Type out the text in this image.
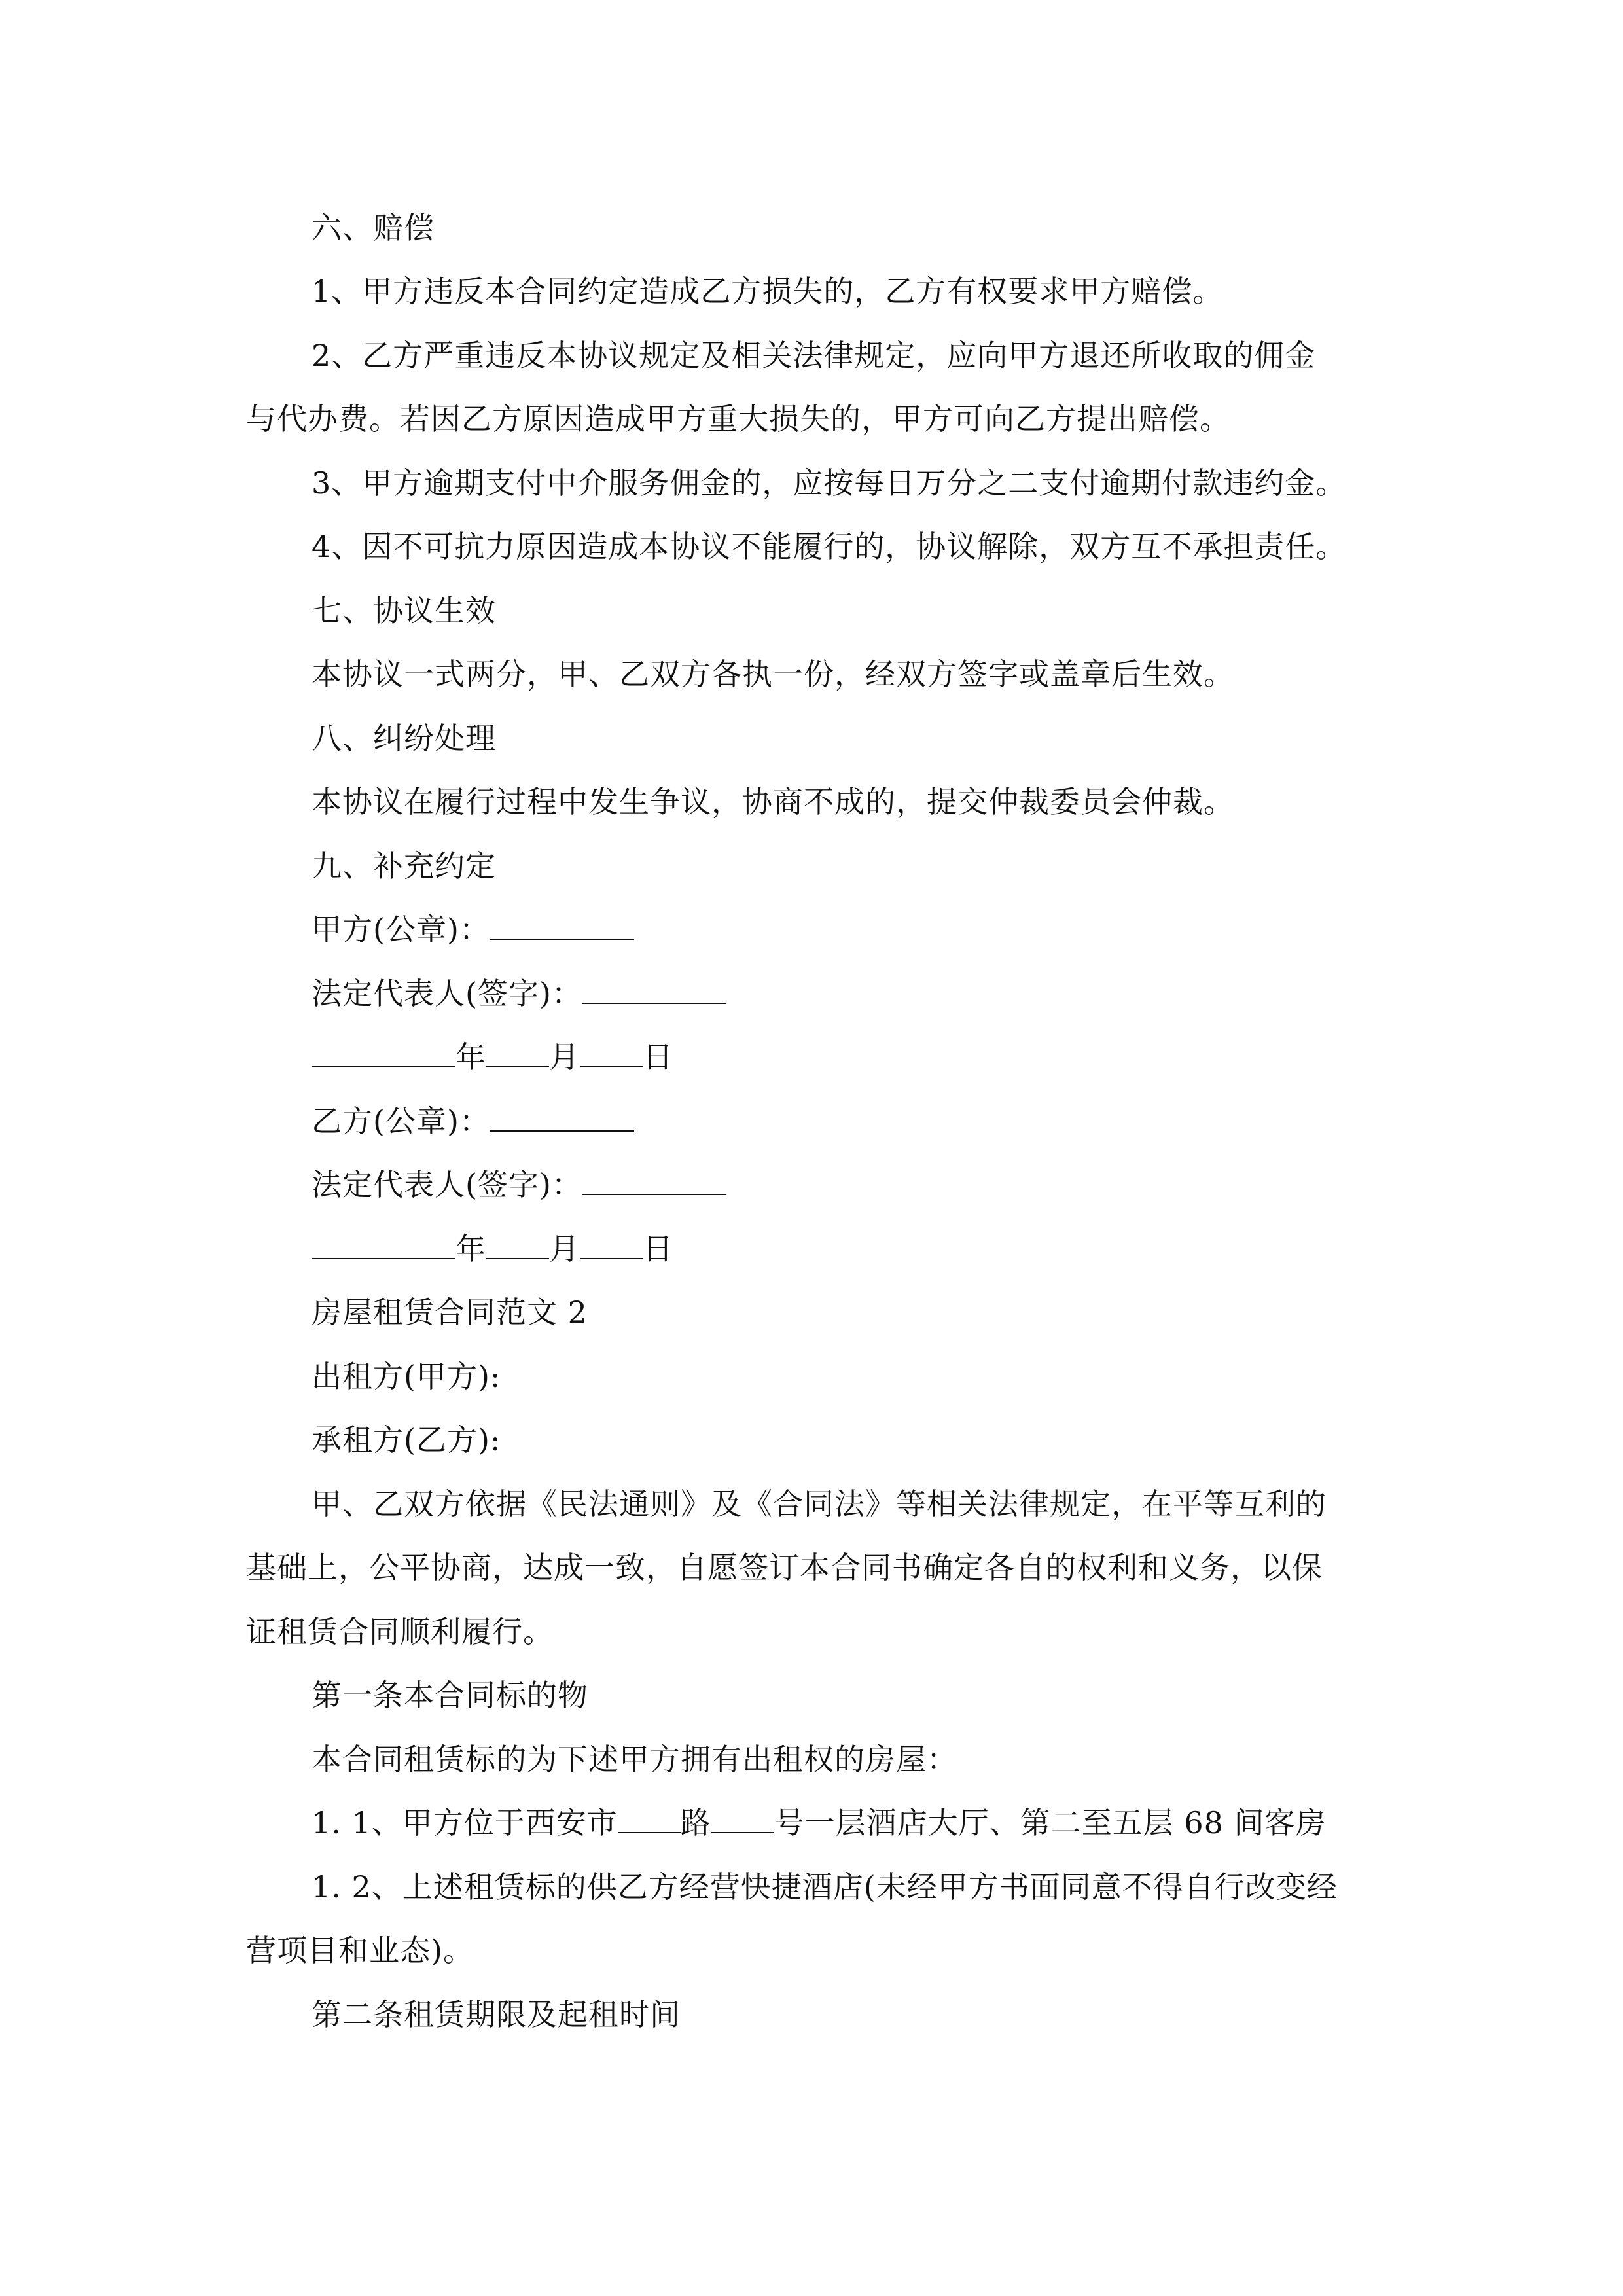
六、赔偿
1、甲方违反本合同约定造成乙方损失的，乙方有权要求甲方赔偿。
2、乙方严重违反本协议规定及相关法律规定，应向甲方退还所收取的佣金
与代办费。若因乙方原因造成甲方重大损失的，甲方可向乙方提出赔偿。
3、甲方逾期支付中介服务佣金的，应按每日万分之二支付逾期付款违约金。
4、因不可抗力原因造成本协议不能履行的，协议解除，双方互不承担责任。
七、协议生效
本协议一式两分，甲、乙双方各执一份，经双方签字或盖章后生效。
八、纠纷处理
本协议在履行过程中发生争议，协商不成的，提交仲裁委员会仲裁。
九、补充约定
甲方(公章)：
法定代表人(签字)：
年 月 日
乙方(公章)：
法定代表人(签字)：
年 月 日
房屋租赁合同范文 2
出租方(甲方):
承租方(乙方):
甲、乙双方依据《民法通则》及《合同法》等相关法律规定，在平等互利的
基础上，公平协商，达成一致，自愿签订本合同书确定各自的权利和义务，以保
证租赁合同顺利履行。
第一条本合同标的物
本合同租赁标的为下述甲方拥有出租权的房屋：
1. 1、甲方位于西安市 路 号一层酒店大厅、第二至五层 68 间客房
1. 2、上述租赁标的供乙方经营快捷酒店(未经甲方书面同意不得自行改变经
营项目和业态)。
第二条租赁期限及起租时间
